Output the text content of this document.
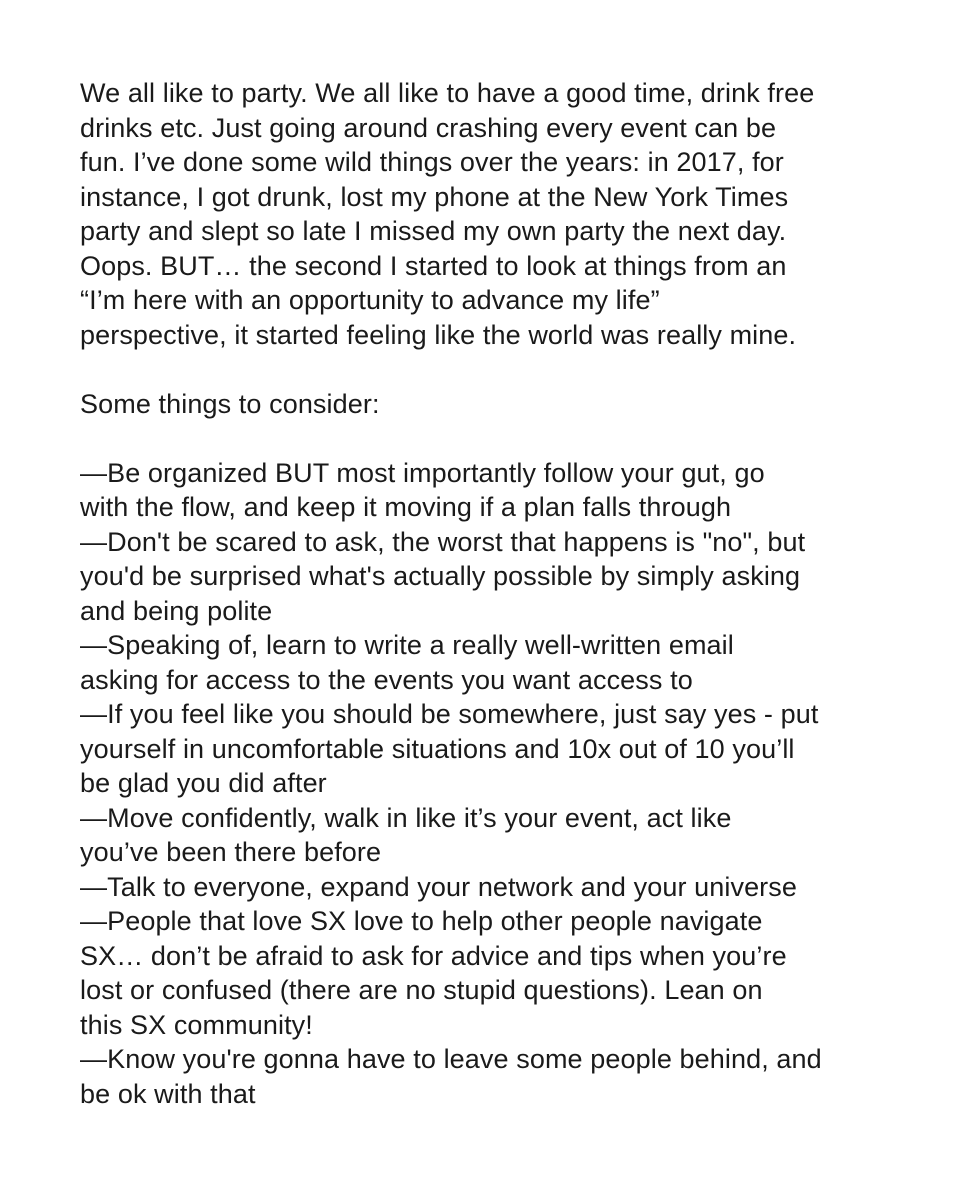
We all like to party. We all like to have a good time, drink free
drinks etc. Just going around crashing every event can be
fun. I’ve done some wild things over the years: in 2017, for
instance, I got drunk, lost my phone at the New York Times
party and slept so late I missed my own party the next day.
Oops. BUT… the second I started to look at things from an
“I’m here with an opportunity to advance my life”
perspective, it started feeling like the world was really mine.
Some things to consider:
—Be organized BUT most importantly follow your gut, go
with the flow, and keep it moving if a plan falls through
—Don't be scared to ask, the worst that happens is "no", but
you'd be surprised what's actually possible by simply asking
and being polite
—Speaking of, learn to write a really well-written email
asking for access to the events you want access to
—If you feel like you should be somewhere, just say yes - put
yourself in uncomfortable situations and 10x out of 10 you’ll
be glad you did after
—Move confidently, walk in like it’s your event, act like
you’ve been there before
—Talk to everyone, expand your network and your universe
—People that love SX love to help other people navigate
SX… don’t be afraid to ask for advice and tips when you’re
lost or confused (there are no stupid questions). Lean on
this SX community!
—Know you're gonna have to leave some people behind, and
be ok with that
